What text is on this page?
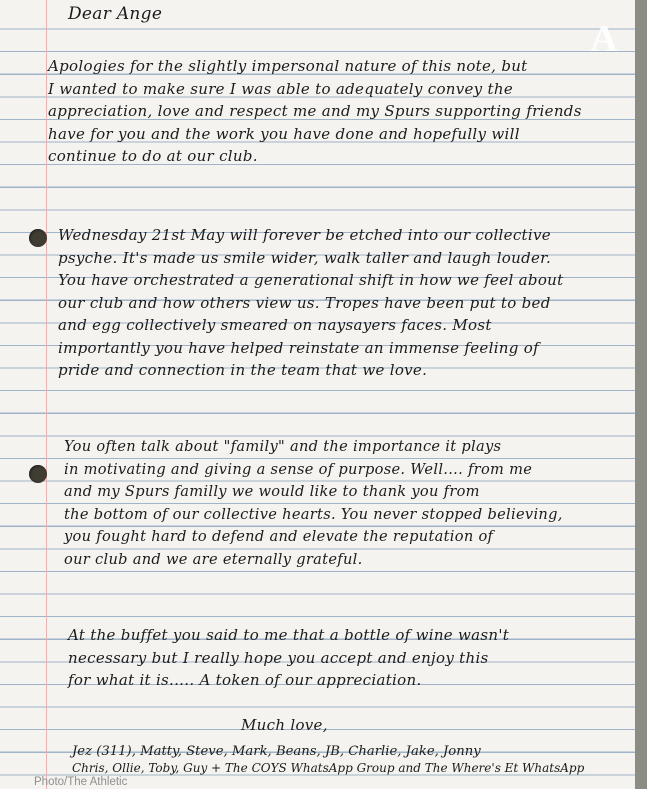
Dear Ange
Apologies for the slightly impersonal nature of this note, but
I wanted to make sure I was able to adequately convey the
appreciation, love and respect me and my Spurs supporting friends
have for you and the work you have done and hopefully will
continue to do at our club.
Wednesday 21st May will forever be etched into our collective
psyche. It's made us smile wider, walk taller and laugh louder.
You have orchestrated a generational shift in how we feel about
our club and how others view us. Tropes have been put to bed
and egg collectively smeared on naysayers faces. Most
importantly you have helped reinstate an immense feeling of
pride and connection in the team that we love.
You often talk about "family" and the importance it plays
in motivating and giving a sense of purpose. Well.... from me
and my Spurs familly we would like to thank you from
the bottom of our collective hearts. You never stopped believing,
you fought hard to defend and elevate the reputation of
our club and we are eternally grateful.
At the buffet you said to me that a bottle of wine wasn't
necessary but I really hope you accept and enjoy this
for what it is..... A token of our appreciation.
Much love,
Jez (311), Matty, Steve, Mark, Beans, JB, Charlie, Jake, Jonny
Chris, Ollie, Toby, Guy + The COYS WhatsApp Group and The Where's Et WhatsApp
A
Photo/The Athletic
